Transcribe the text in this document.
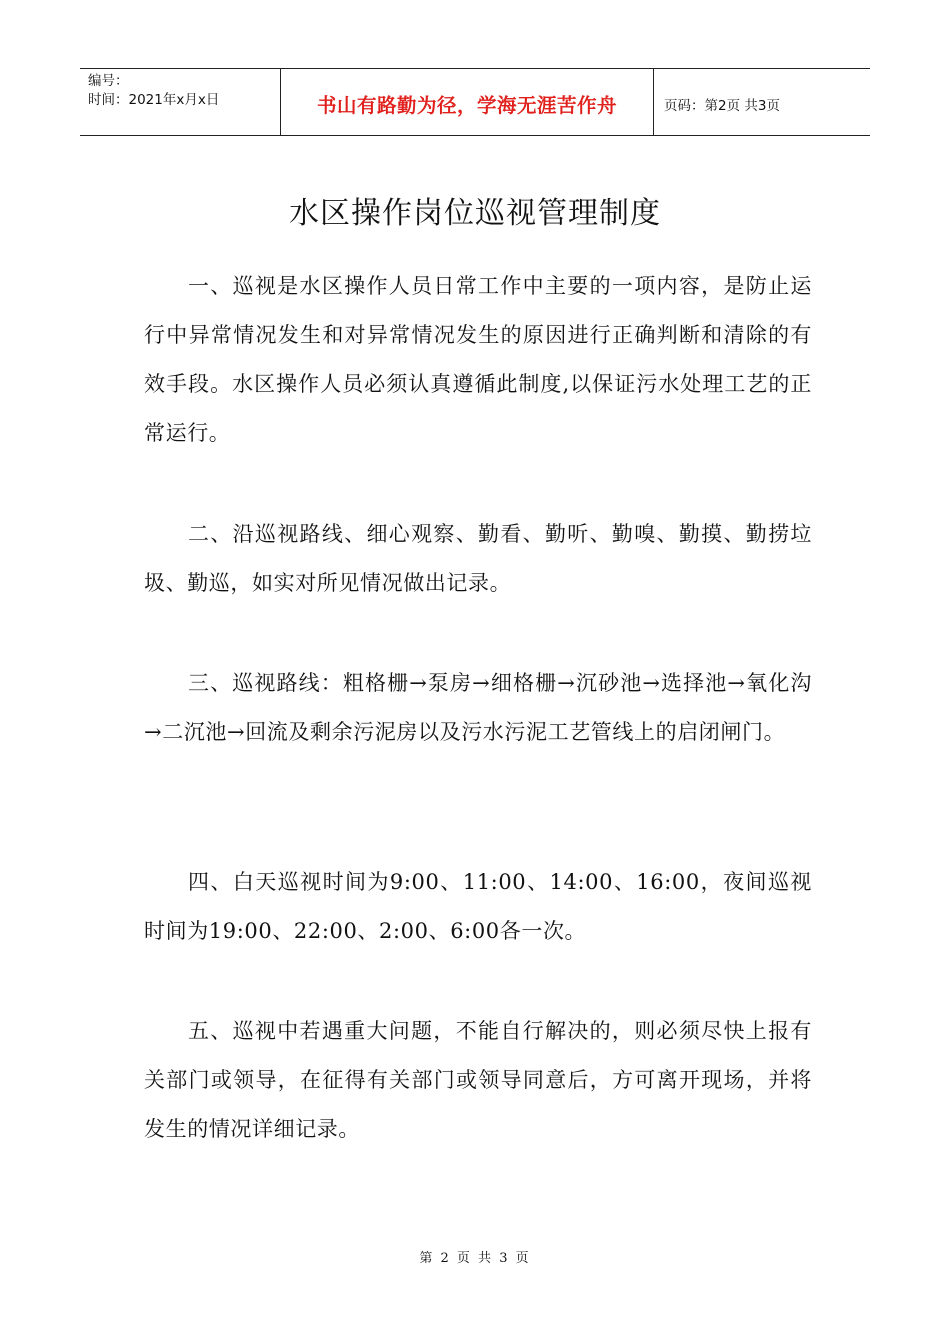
编号：
时间：2021年x月x日	书山有路勤为径，学海无涯苦作舟	页码：第2页 共3页
水区操作岗位巡视管理制度

一、巡视是水区操作人员日常工作中主要的一项内容，是防止运行中异常情况发生和对异常情况发生的原因进行正确判断和清除的有效手段。水区操作人员必须认真遵循此制度,以保证污水处理工艺的正常运行。

二、沿巡视路线、细心观察、勤看、勤听、勤嗅、勤摸、勤捞垃圾、勤巡，如实对所见情况做出记录。

三、巡视路线：粗格栅→泵房→细格栅→沉砂池→选择池→氧化沟→二沉池→回流及剩余污泥房以及污水污泥工艺管线上的启闭闸门。

四、白天巡视时间为9:00、11:00、14:00、16:00，夜间巡视时间为19:00、22:00、2:00、6:00各一次。

五、巡视中若遇重大问题，不能自行解决的，则必须尽快上报有关部门或领导，在征得有关部门或领导同意后，方可离开现场，并将发生的情况详细记录。

第 2 页 共 3 页
